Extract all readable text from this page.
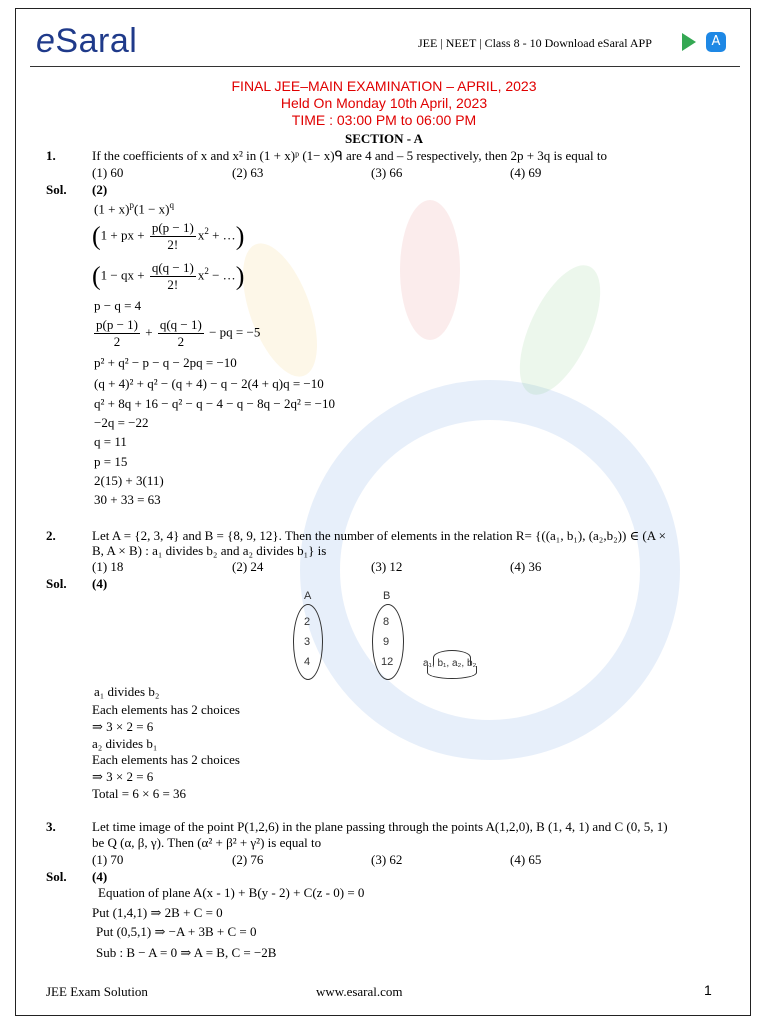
eSaral	JEE | NEET | Class 8 - 10 Download eSaral APP	A
FINAL JEE–MAIN EXAMINATION – APRIL, 2023
Held On Monday 10th April, 2023
TIME : 03:00 PM to 06:00 PM
SECTION - A
1.	If the coefficients of x and x² in (1 + x)ᵖ (1− x)ᑫ are 4 and – 5 respectively, then 2p + 3q is equal to
(1) 60	(2) 63	(3) 66	(4) 69
Sol. (2)
$(1 + x)^p(1 - x)^q$
(1 + px + $\frac{p(p - 1)}{2!} x^2$ + …)
(1 − qx + $\frac{q(q - 1)}{2!} x^2$ − …)
p − q = 4
$\frac{p(p - 1)}{2} + \frac{q(q - 1)}{2}$ − pq = −5
p² + q² − p − q − 2pq = −10
(q + 4)² + q² − (q + 4) − q − 2(4 + q)q = −10
q² + 8q + 16 − q² − q − 4 − q − 8q − 2q² = −10
−2q = −22
q = 11
p = 15
2(15) + 3(11)
30 + 33 = 63
2.	Let A = {2, 3, 4} and B = {8, 9, 12}. Then the number of elements in the relation R= {((a₁, b₁), (a₂,b₂)) ∈ (A ×
B, A × B) : a₁ divides b₂ and a₂ divides b₁} is
(1) 18	(2) 24	(3) 12	(4) 36
Sol. (4)
A
2
3
4
B
8
9
12	a₁, b₁, a₂, b₂
a₁ divides b₂
Each elements has 2 choices
⇒ 3 × 2 = 6
a₂ divides b₁
Each elements has 2 choices
⇒ 3 × 2 = 6
Total = 6 × 6 = 36
3.	Let time image of the point P(1,2,6) in the plane passing through the points A(1,2,0), B (1, 4, 1) and C (0, 5, 1)
be Q (α, β, γ). Then (α² + β² + γ²) is equal to
(1) 70	(2) 76	(3) 62	(4) 65
Sol. (4)
Equation of plane A(x - 1) + B(y - 2) + C(z - 0) = 0
Put (1,4,1) ⇒ 2B + C = 0
Put (0,5,1) ⇒ −A + 3B + C = 0
Sub : B − A = 0 ⇒ A = B, C = −2B
JEE Exam Solution	www.esaral.com	1
